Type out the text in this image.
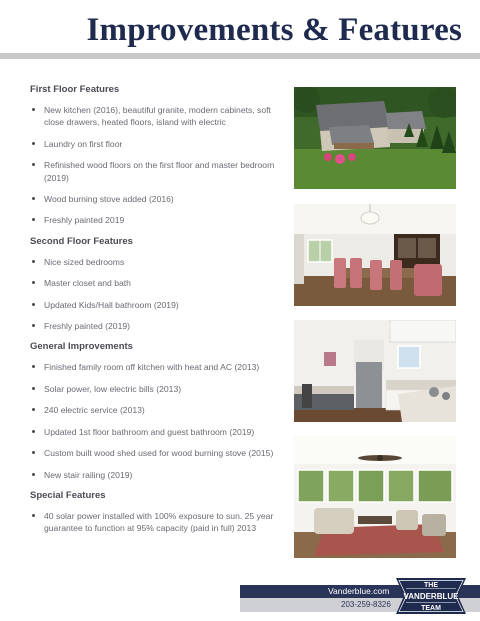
Improvements & Features
First Floor Features
New kitchen (2016), beautiful granite, modern cabinets, soft close drawers, heated floors, island with electric
Laundry on first floor
Refinished wood floors on the first floor and master bedroom (2019)
Wood burning stove added (2016)
Freshly painted 2019
Second Floor Features
Nice sized bedrooms
Master closet and bath
Updated Kids/Hall bathroom (2019)
Freshly painted (2019)
General Improvements
Finished family room off kitchen with heat and AC (2013)
Solar power, low electric bills (2013)
240 electric service (2013)
Updated 1st floor bathroom and guest bathroom (2019)
Custom built wood shed used for wood burning stove (2015)
New stair railing (2019)
Special Features
40 solar power installed with 100% exposure to sun. 25 year guarantee to function at 95% capacity (paid in full) 2013
Vanderblue.com
203-259-8326
THE
VANDERBLUE
TEAM
